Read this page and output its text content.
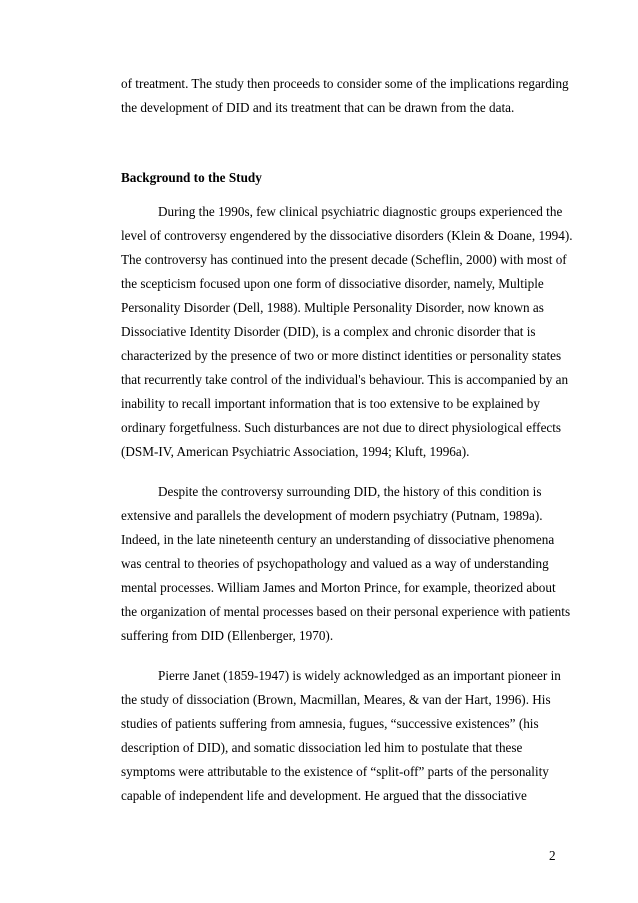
of treatment. The study then proceeds to consider some of the implications regarding
the development of DID and its treatment that can be drawn from the data.
Background to the Study
During the 1990s, few clinical psychiatric diagnostic groups experienced the
level of controversy engendered by the dissociative disorders (Klein & Doane, 1994).
The controversy has continued into the present decade (Scheflin, 2000) with most of
the scepticism focused upon one form of dissociative disorder, namely, Multiple
Personality Disorder (Dell, 1988). Multiple Personality Disorder, now known as
Dissociative Identity Disorder (DID), is a complex and chronic disorder that is
characterized by the presence of two or more distinct identities or personality states
that recurrently take control of the individual's behaviour. This is accompanied by an
inability to recall important information that is too extensive to be explained by
ordinary forgetfulness. Such disturbances are not due to direct physiological effects
(DSM-IV, American Psychiatric Association, 1994; Kluft, 1996a).
Despite the controversy surrounding DID, the history of this condition is
extensive and parallels the development of modern psychiatry (Putnam, 1989a).
Indeed, in the late nineteenth century an understanding of dissociative phenomena
was central to theories of psychopathology and valued as a way of understanding
mental processes. William James and Morton Prince, for example, theorized about
the organization of mental processes based on their personal experience with patients
suffering from DID (Ellenberger, 1970).
Pierre Janet (1859-1947) is widely acknowledged as an important pioneer in
the study of dissociation (Brown, Macmillan, Meares, & van der Hart, 1996). His
studies of patients suffering from amnesia, fugues, “successive existences” (his
description of DID), and somatic dissociation led him to postulate that these
symptoms were attributable to the existence of “split-off” parts of the personality
capable of independent life and development. He argued that the dissociative
2
